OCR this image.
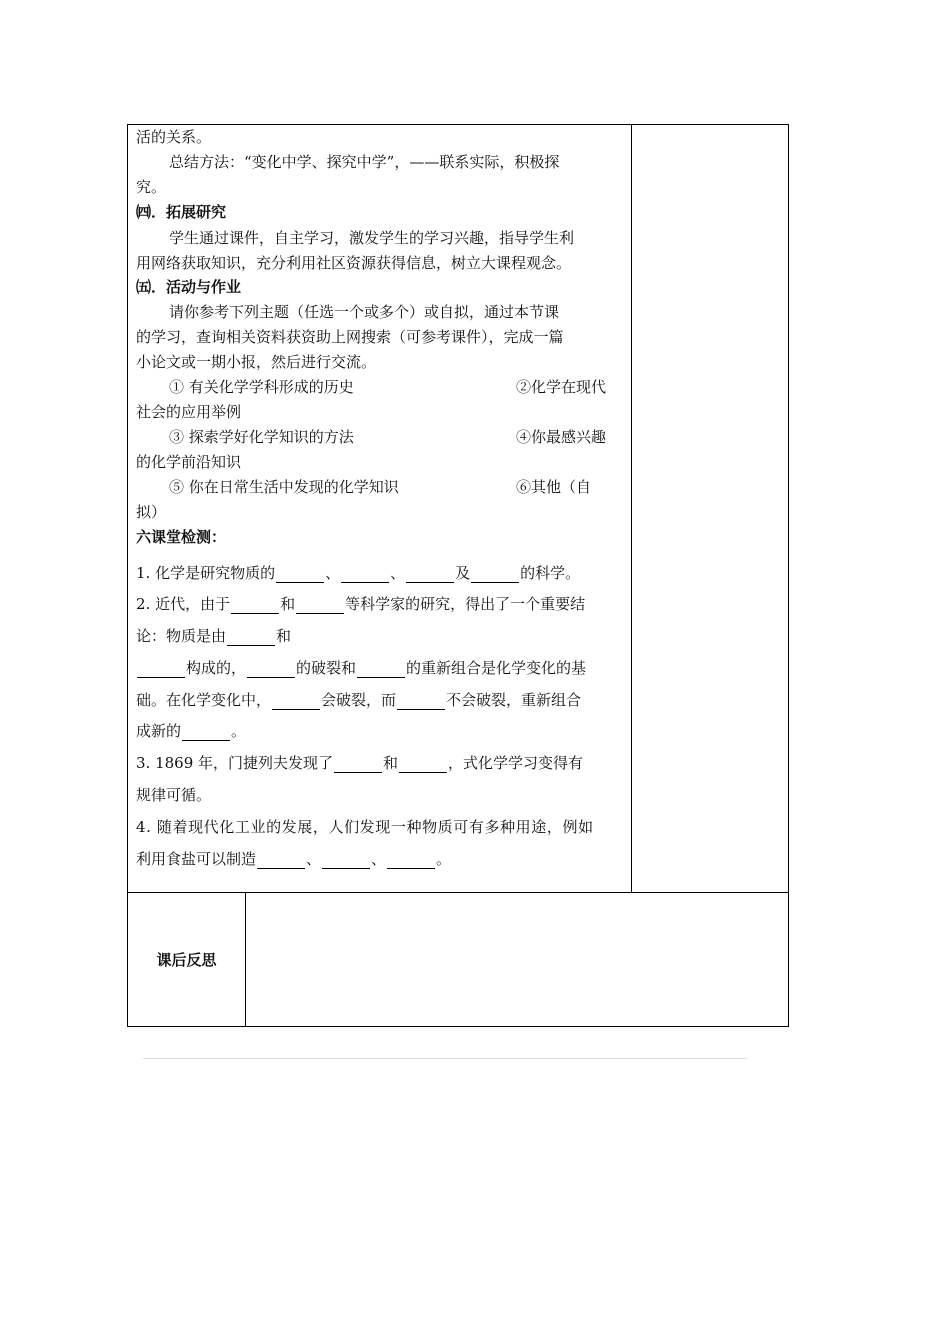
活的关系。
总结方法：“变化中学、探究中学”，——联系实际，积极探
究。
㈣．拓展研究
学生通过课件，自主学习，激发学生的学习兴趣，指导学生利
用网络获取知识，充分利用社区资源获得信息，树立大课程观念。
㈤．活动与作业
请你参考下列主题（任选一个或多个）或自拟，通过本节课
的学习，查询相关资料获资助上网搜索（可参考课件），完成一篇
小论文或一期小报，然后进行交流。
① 有关化学学科形成的历史	②化学在现代
社会的应用举例
③ 探索学好化学知识的方法	④你最感兴趣
的化学前沿知识
⑤ 你在日常生活中发现的化学知识	⑥其他（自
拟）
六课堂检测：
1. 化学是研究物质的	、	、	及	的科学。
2. 近代，由于	和	等科学家的研究，得出了一个重要结
论：物质是由	和
构成的，	的破裂和	的重新组合是化学变化的基
础。在化学变化中，	会破裂，而	不会破裂，重新组合
成新的	。
3. 1869 年，门捷列夫发现了	和	，式化学学习变得有
规律可循。
4. 随着现代化工业的发展，人们发现一种物质可有多种用途，例如
利用食盐可以制造	、	、	。
课后反思
